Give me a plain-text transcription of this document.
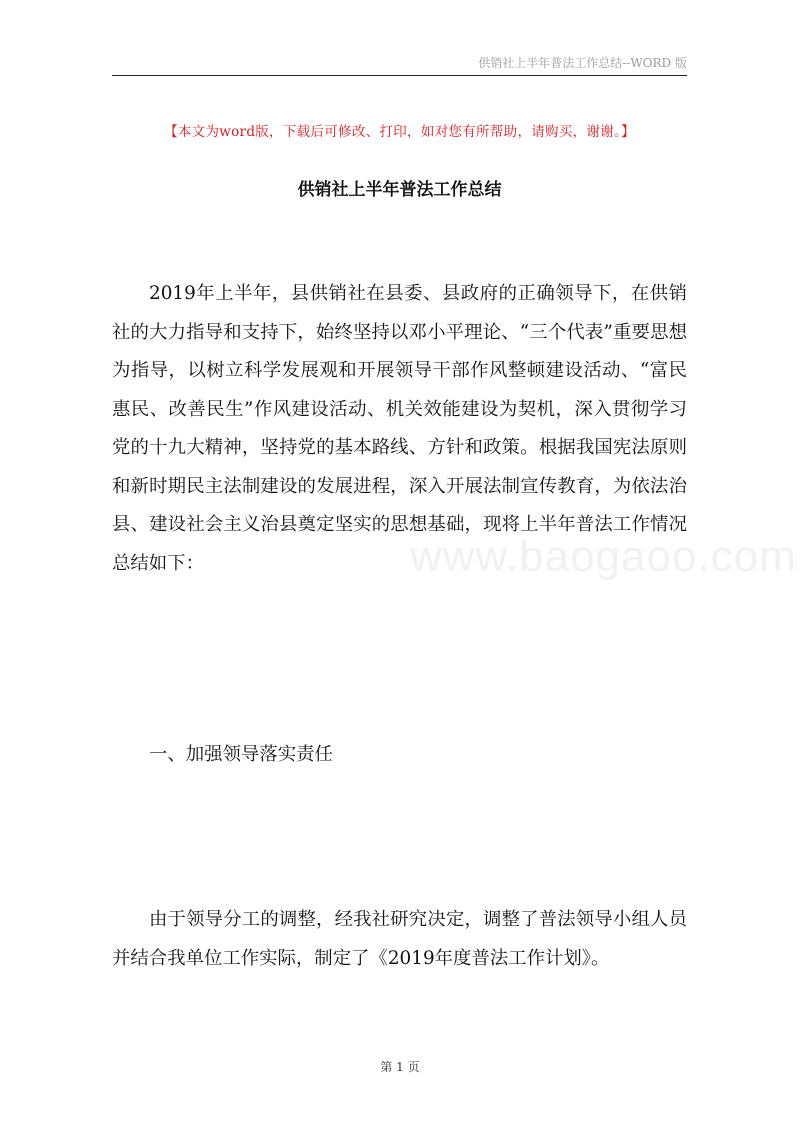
供销社上半年普法工作总结--WORD 版
【本文为word版，下载后可修改、打印，如对您有所帮助，请购买，谢谢。】
供销社上半年普法工作总结
2019年上半年，县供销社在县委、县政府的正确领导下，在供销社的大力指导和支持下，始终坚持以邓小平理论、“三个代表”重要思想为指导，以树立科学发展观和开展领导干部作风整顿建设活动、“富民惠民、改善民生”作风建设活动、机关效能建设为契机，深入贯彻学习党的十九大精神，坚持党的基本路线、方针和政策。根据我国宪法原则和新时期民主法制建设的发展进程，深入开展法制宣传教育，为依法治县、建设社会主义治县奠定坚实的思想基础，现将上半年普法工作情况总结如下：
一、加强领导落实责任
由于领导分工的调整，经我社研究决定，调整了普法领导小组人员并结合我单位工作实际，制定了《2019年度普法工作计划》。
www.baogaoo.com
第 1 页
